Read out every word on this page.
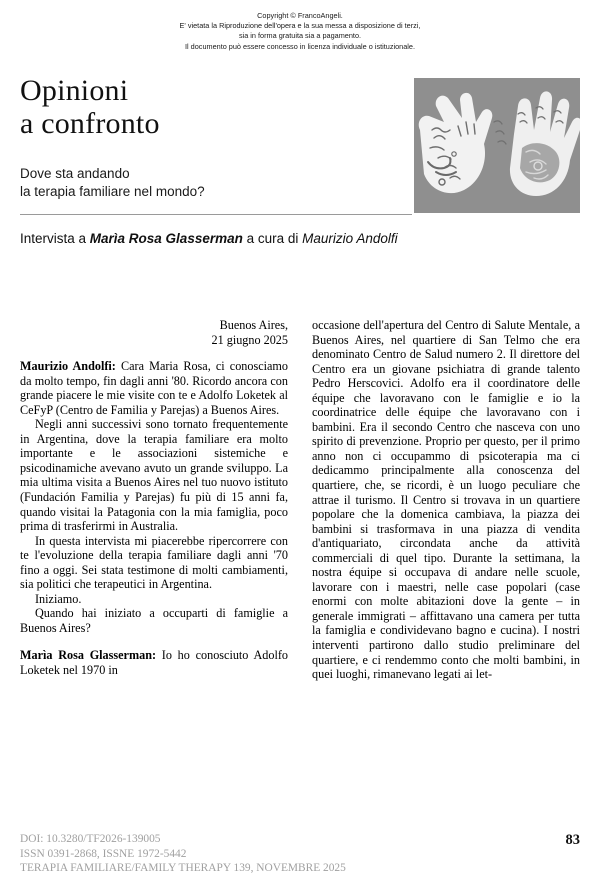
Copyright © FrancoAngeli.
E' vietata la Riproduzione dell'opera e la sua messa a disposizione di terzi,
sia in forma gratuita sia a pagamento.
Il documento può essere concesso in licenza individuale o istituzionale.
Opinioni
a confronto
Dove sta andando
la terapia familiare nel mondo?
Intervista a Marìa Rosa Glasserman a cura di Maurizio Andolfi
Buenos Aires,
21 giugno 2025

Maurizio Andolfi: Cara Maria Rosa, ci conosciamo da molto tempo, fin dagli anni '80. Ricordo ancora con grande piacere le mie visite con te e Adolfo Loketek al CeFyP (Centro de Familia y Parejas) a Buenos Aires.

Negli anni successivi sono tornato frequentemente in Argentina, dove la terapia familiare era molto importante e le associazioni sistemiche e psicodinamiche avevano avuto un grande sviluppo. La mia ultima visita a Buenos Aires nel tuo nuovo istituto (Fundación Familia y Parejas) fu più di 15 anni fa, quando visitai la Patagonia con la mia famiglia, poco prima di trasferirmi in Australia.

In questa intervista mi piacerebbe ripercorrere con te l'evoluzione della terapia familiare dagli anni '70 fino a oggi. Sei stata testimone di molti cambiamenti, sia politici che terapeutici in Argentina.

Iniziamo.

Quando hai iniziato a occuparti di famiglie a Buenos Aires?

Marìa Rosa Glasserman: Io ho conosciuto Adolfo Loketek nel 1970 in

occasione dell'apertura del Centro di Salute Mentale, a Buenos Aires, nel quartiere di San Telmo che era denominato Centro de Salud numero 2. Il direttore del Centro era un giovane psichiatra di grande talento Pedro Herscovici. Adolfo era il coordinatore delle équipe che lavoravano con le famiglie e io la coordinatrice delle équipe che lavoravano con i bambini. Era il secondo Centro che nasceva con uno spirito di prevenzione. Proprio per questo, per il primo anno non ci occupammo di psicoterapia ma ci dedicammo principalmente alla conoscenza del quartiere, che, se ricordi, è un luogo peculiare che attrae il turismo. Il Centro si trovava in un quartiere popolare che la domenica cambiava, la piazza dei bambini si trasformava in una piazza di vendita d'antiquariato, circondata anche da attività commerciali di quel tipo. Durante la settimana, la nostra équipe si occupava di andare nelle scuole, lavorare con i maestri, nelle case popolari (case enormi con molte abitazioni dove la gente – in generale immigrati – affittavano una camera per tutta la famiglia e condividevano bagno e cucina). I nostri interventi partirono dallo studio preliminare del quartiere, e ci rendemmo conto che molti bambini, in quei luoghi, rimanevano legati ai let-

DOI: 10.3280/TF2026-139005
ISSN 0391-2868, ISSNE 1972-5442
TERAPIA FAMILIARE/FAMILY THERAPY 139, NOVEMBRE 2025
83
